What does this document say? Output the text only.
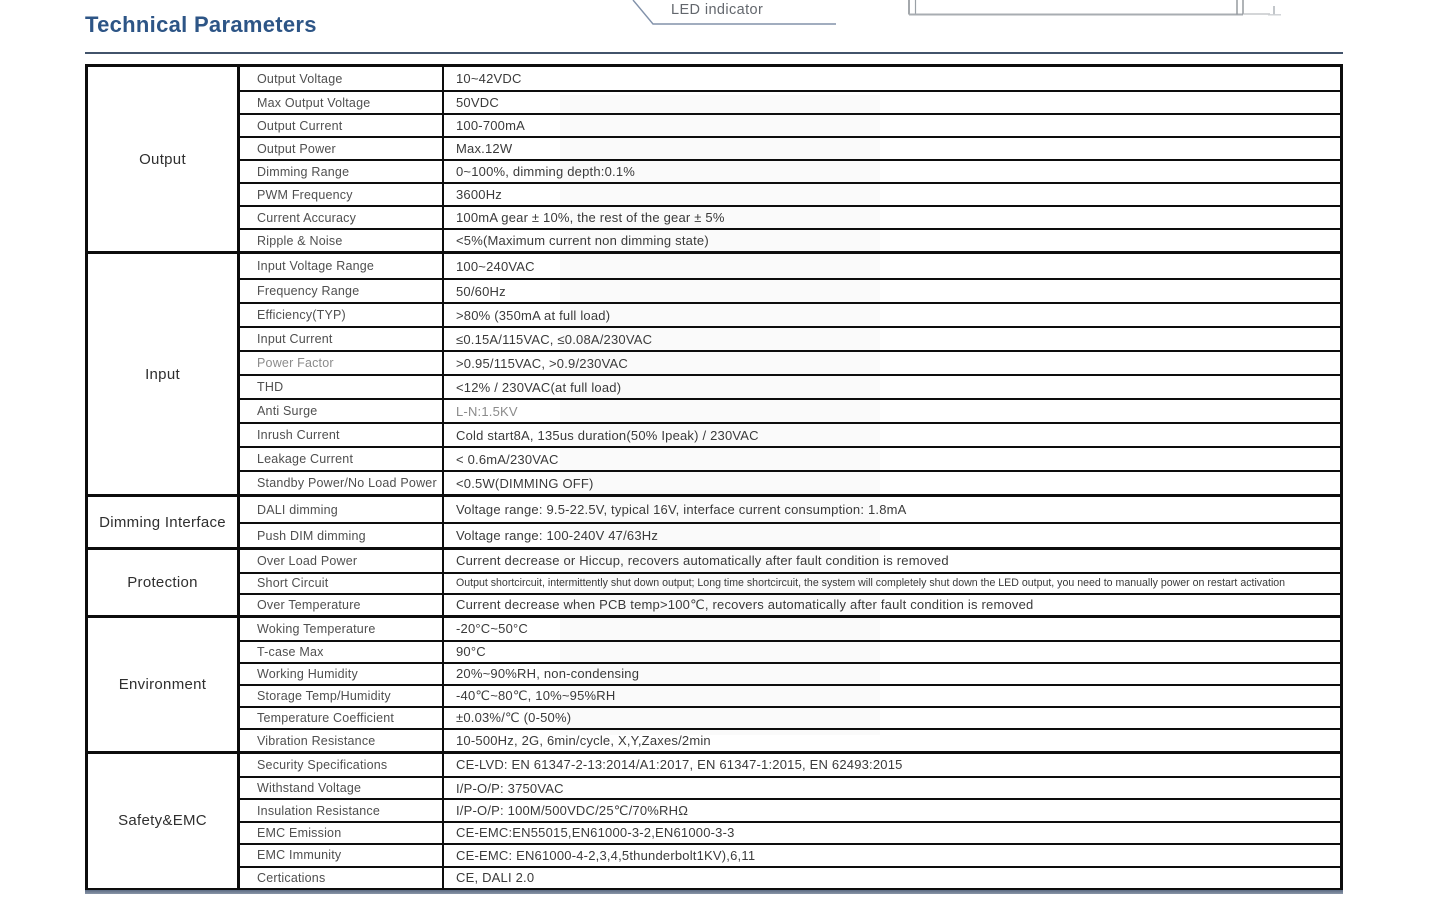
LED indicator
Technical Parameters
Output
Output Voltage	10~42VDC
Max Output Voltage	50VDC
Output Current	100-700mA
Output Power	Max.12W
Dimming Range	0~100%, dimming depth:0.1%
PWM Frequency	3600Hz
Current Accuracy	100mA gear ± 10%, the rest of the gear ± 5%
Ripple & Noise	<5%(Maximum current non dimming state)
Input
Input Voltage Range	100~240VAC
Frequency Range	50/60Hz
Efficiency(TYP)	>80% (350mA at full load)
Input Current	≤0.15A/115VAC, ≤0.08A/230VAC
Power Factor	>0.95/115VAC, >0.9/230VAC
THD	<12% / 230VAC(at full load)
Anti Surge	L-N:1.5KV
Inrush Current	Cold start8A, 135us duration(50% Ipeak) / 230VAC
Leakage Current	< 0.6mA/230VAC
Standby Power/No Load Power	<0.5W(DIMMING OFF)
Dimming Interface
DALI dimming	Voltage range: 9.5-22.5V, typical 16V, interface current consumption: 1.8mA
Push DIM dimming	Voltage range: 100-240V 47/63Hz
Protection
Over Load Power	Current decrease or Hiccup, recovers automatically after fault condition is removed
Short Circuit	Output shortcircuit, intermittently shut down output; Long time shortcircuit, the system will completely shut down the LED output, you need to manually power on restart activation
Over Temperature	Current decrease when PCB temp>100℃, recovers automatically after fault condition is removed
Environment
Woking Temperature	-20°C~50°C
T-case Max	90°C
Working Humidity	20%~90%RH, non-condensing
Storage Temp/Humidity	-40℃~80℃, 10%~95%RH
Temperature Coefficient	±0.03%/℃ (0-50%)
Vibration Resistance	10-500Hz, 2G, 6min/cycle, X,Y,Zaxes/2min
Safety&EMC
Security Specifications	CE-LVD: EN 61347-2-13:2014/A1:2017, EN 61347-1:2015, EN 62493:2015
Withstand Voltage	I/P-O/P: 3750VAC
Insulation Resistance	I/P-O/P: 100M/500VDC/25℃/70%RHΩ
EMC Emission	CE-EMC:EN55015,EN61000-3-2,EN61000-3-3
EMC Immunity	CE-EMC: EN61000-4-2,3,4,5thunderbolt1KV),6,11
Certications	CE, DALI 2.0
